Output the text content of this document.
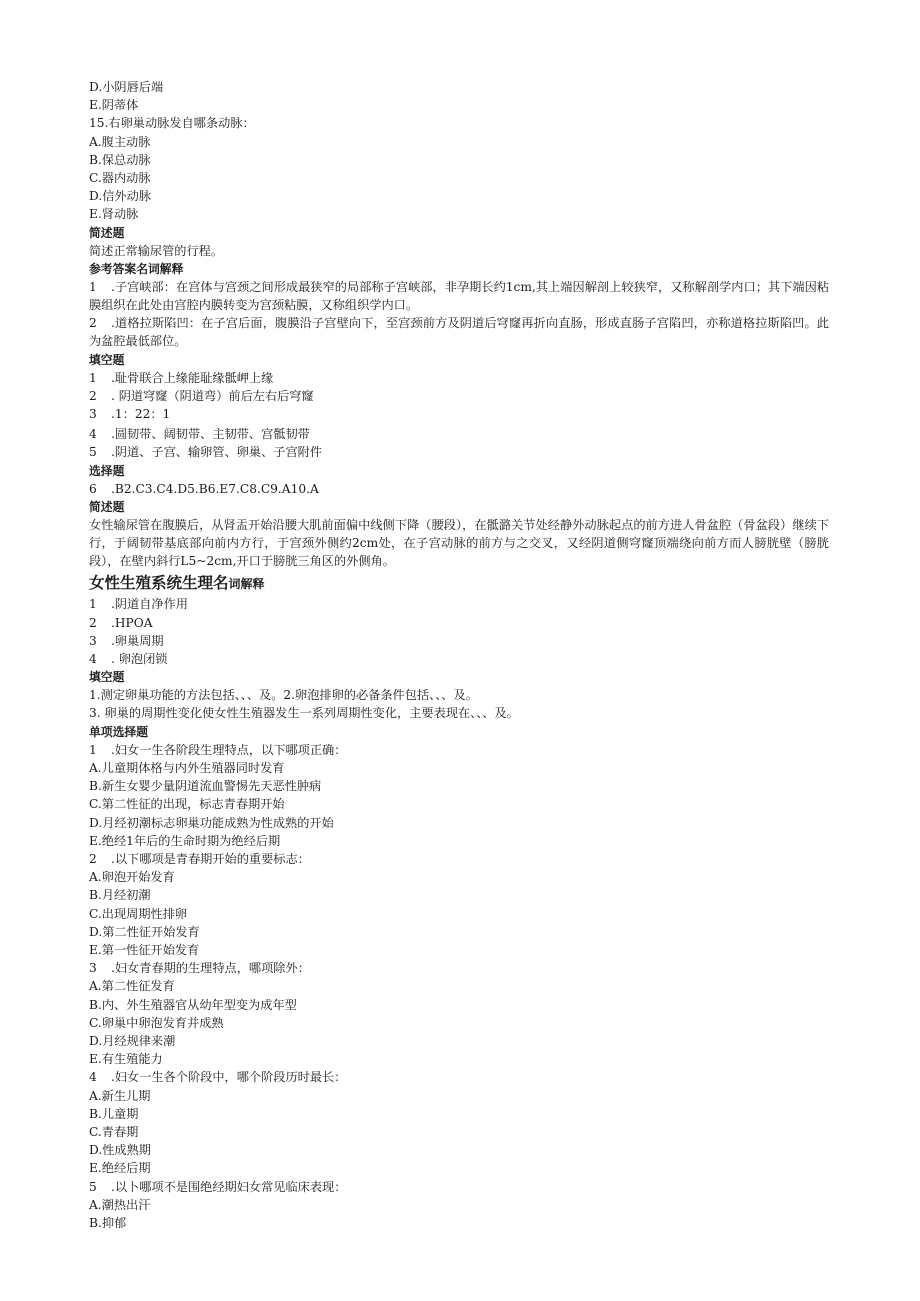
D.小阴唇后端

E.阴蒂体

15.右卵巢动脉发自哪条动脉：

A.腹主动脉

B.保总动脉

C.器内动脉

D.信外动脉

E.肾动脉

简述题

简述正常输尿管的行程。

参考答案名词解释

1 .子宫峡部：在宫体与宫颈之间形成最狭窄的局部称子宫峡部，非孕期长约1cm,其上端因解剖上较狭窄，又称解剖学内口；其下端因粘膜组织在此处由宫腔内膜转变为宫颈粘膜，又称组织学内口。

2 .道格拉斯陷凹：在子宫后面，腹膜沿子宫壁向下，至宫颈前方及阴道后穹窿再折向直肠，形成直肠子宫陷凹，亦称道格拉斯陷凹。此为盆腔最低部位。

填空题

1 .耻骨联合上缘能耻缘骶岬上缘

2 . 阴道穹窿（阴道弯）前后左右后穹窿

3 .1：22：1

4 .圆韧带、阔韧带、主韧带、宫骶韧带

5 .阴道、子宫、输卵管、卵巢、子宫附件

选择题

6 .B2.C3.C4.D5.B6.E7.C8.C9.A10.A

简述题

女性输尿管在腹膜后，从肾盂开始沿腰大肌前面偏中线侧下降（腰段），在骶潞关节处经静外动脉起点的前方进人骨盆腔（骨盆段）继续下行，于阔韧带基底部向前内方行，于宫颈外侧约2cm处，在子宫动脉的前方与之交叉，又经阴道侧穹窿顶端绕向前方而人膀胱壁（膀胱段），在壁内斜行L5~2cm,开口于膀胱三角区的外侧角。

女性生殖系统生理名词解释

1 .阴道自净作用

2 .HPOA

3 .卵巢周期

4 . 卵泡闭锁

填空题

1.测定卵巢功能的方法包括、、、及。2.卵泡排卵的必备条件包括、、、及。

3. 卵巢的周期性变化使女性生殖器发生一系列周期性变化，主要表现在、、、及。

单项选择题

1 .妇女一生各阶段生理特点，以下哪项正确：

A.儿童期体格与内外生殖器同时发育

B.新生女婴少量阴道流血警惕先天恶性肿病

C.第二性征的出现，标志青春期开始

D.月经初潮标志卵巢功能成熟为性成熟的开始

E.绝经1年后的生命时期为绝经后期

2 .以下哪项是青春期开始的重要标志：

A.卵泡开始发育

B.月经初潮

C.出现周期性排卵

D.第二性征开始发育

E.第一性征开始发育

3 .妇女青春期的生理特点，哪项除外：

A.第二性征发育

B.内、外生殖器官从幼年型变为成年型

C.卵巢中卵泡发育并成熟

D.月经规律来潮

E.有生殖能力

4 .妇女一生各个阶段中，哪个阶段历时最长：

A.新生儿期

B.儿童期

C.青春期

D.性成熟期

E.绝经后期

5 .以卜哪项不是围绝经期妇女常见临床表现：

A.潮热出汗

B.抑郁
